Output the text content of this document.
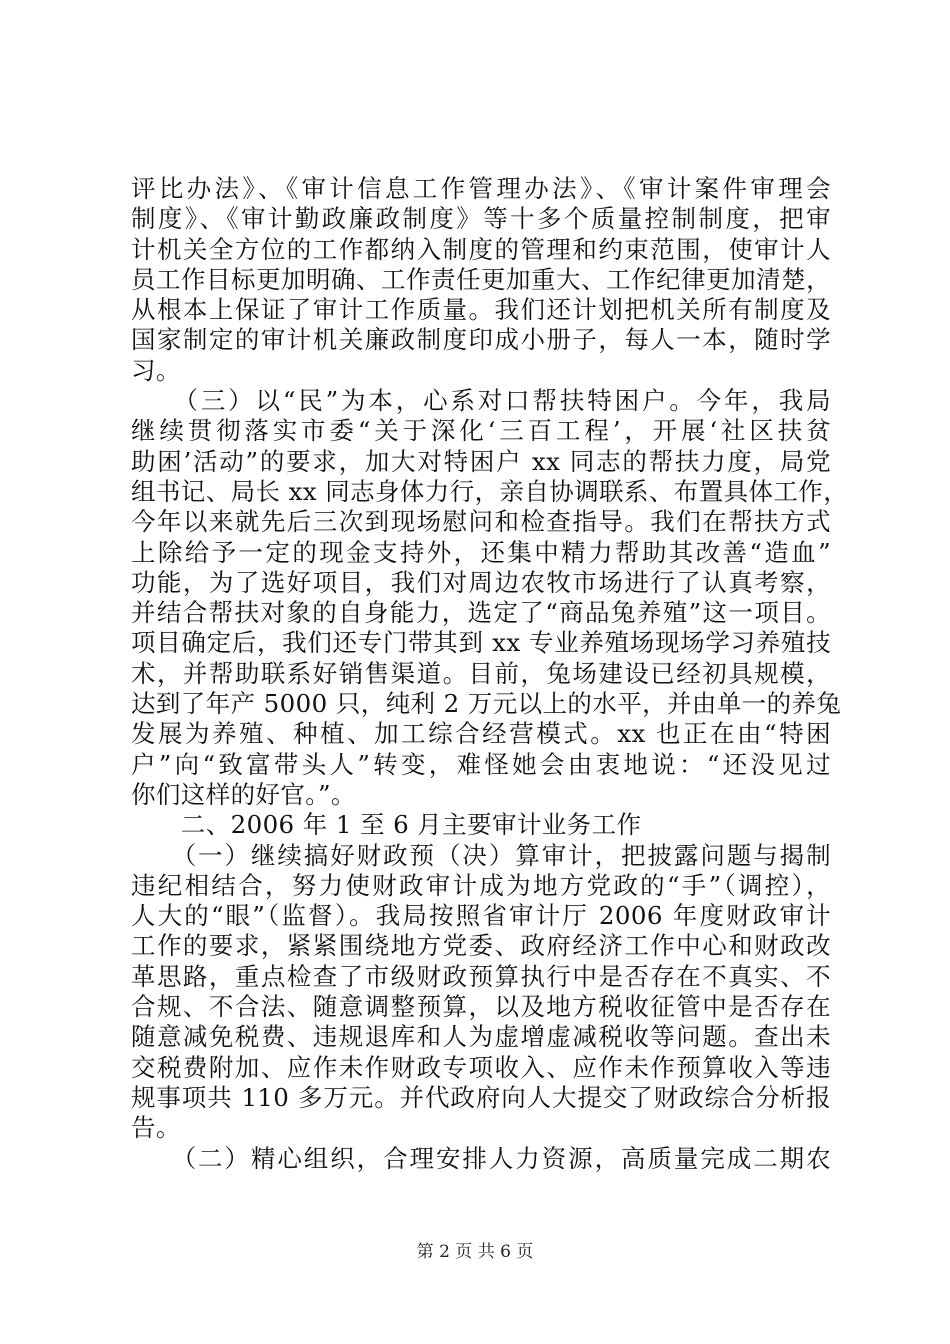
评比办法》、《审计信息工作管理办法》、《审计案件审理会
制度》、《审计勤政廉政制度》等十多个质量控制制度，把审
计机关全方位的工作都纳入制度的管理和约束范围，使审计人
员工作目标更加明确、工作责任更加重大、工作纪律更加清楚，
从根本上保证了审计工作质量。我们还计划把机关所有制度及
国家制定的审计机关廉政制度印成小册子，每人一本，随时学
习。
　　（三）以“民”为本，心系对口帮扶特困户。今年，我局
继续贯彻落实市委“关于深化‘三百工程’，开展‘社区扶贫
助困’活动”的要求，加大对特困户 xx 同志的帮扶力度，局党
组书记、局长 xx 同志身体力行，亲自协调联系、布置具体工作，
今年以来就先后三次到现场慰问和检查指导。我们在帮扶方式
上除给予一定的现金支持外，还集中精力帮助其改善“造血”
功能，为了选好项目，我们对周边农牧市场进行了认真考察，
并结合帮扶对象的自身能力，选定了“商品兔养殖”这一项目。
项目确定后，我们还专门带其到 xx 专业养殖场现场学习养殖技
术，并帮助联系好销售渠道。目前，兔场建设已经初具规模，
达到了年产 5000 只，纯利 2 万元以上的水平，并由单一的养兔
发展为养殖、种植、加工综合经营模式。xx 也正在由“特困
户”向“致富带头人”转变，难怪她会由衷地说：“还没见过
你们这样的好官。”。
　　二、2006 年 1 至 6 月主要审计业务工作
　　（一）继续搞好财政预（决）算审计，把披露问题与揭制
违纪相结合，努力使财政审计成为地方党政的“手”（调控），
人大的“眼”（监督）。我局按照省审计厅 2006 年度财政审计
工作的要求，紧紧围绕地方党委、政府经济工作中心和财政改
革思路，重点检查了市级财政预算执行中是否存在不真实、不
合规、不合法、随意调整预算，以及地方税收征管中是否存在
随意减免税费、违规退库和人为虚增虚减税收等问题。查出未
交税费附加、应作未作财政专项收入、应作未作预算收入等违
规事项共 110 多万元。并代政府向人大提交了财政综合分析报
告。
　　（二）精心组织，合理安排人力资源，高质量完成二期农
第 2 页 共 6 页
